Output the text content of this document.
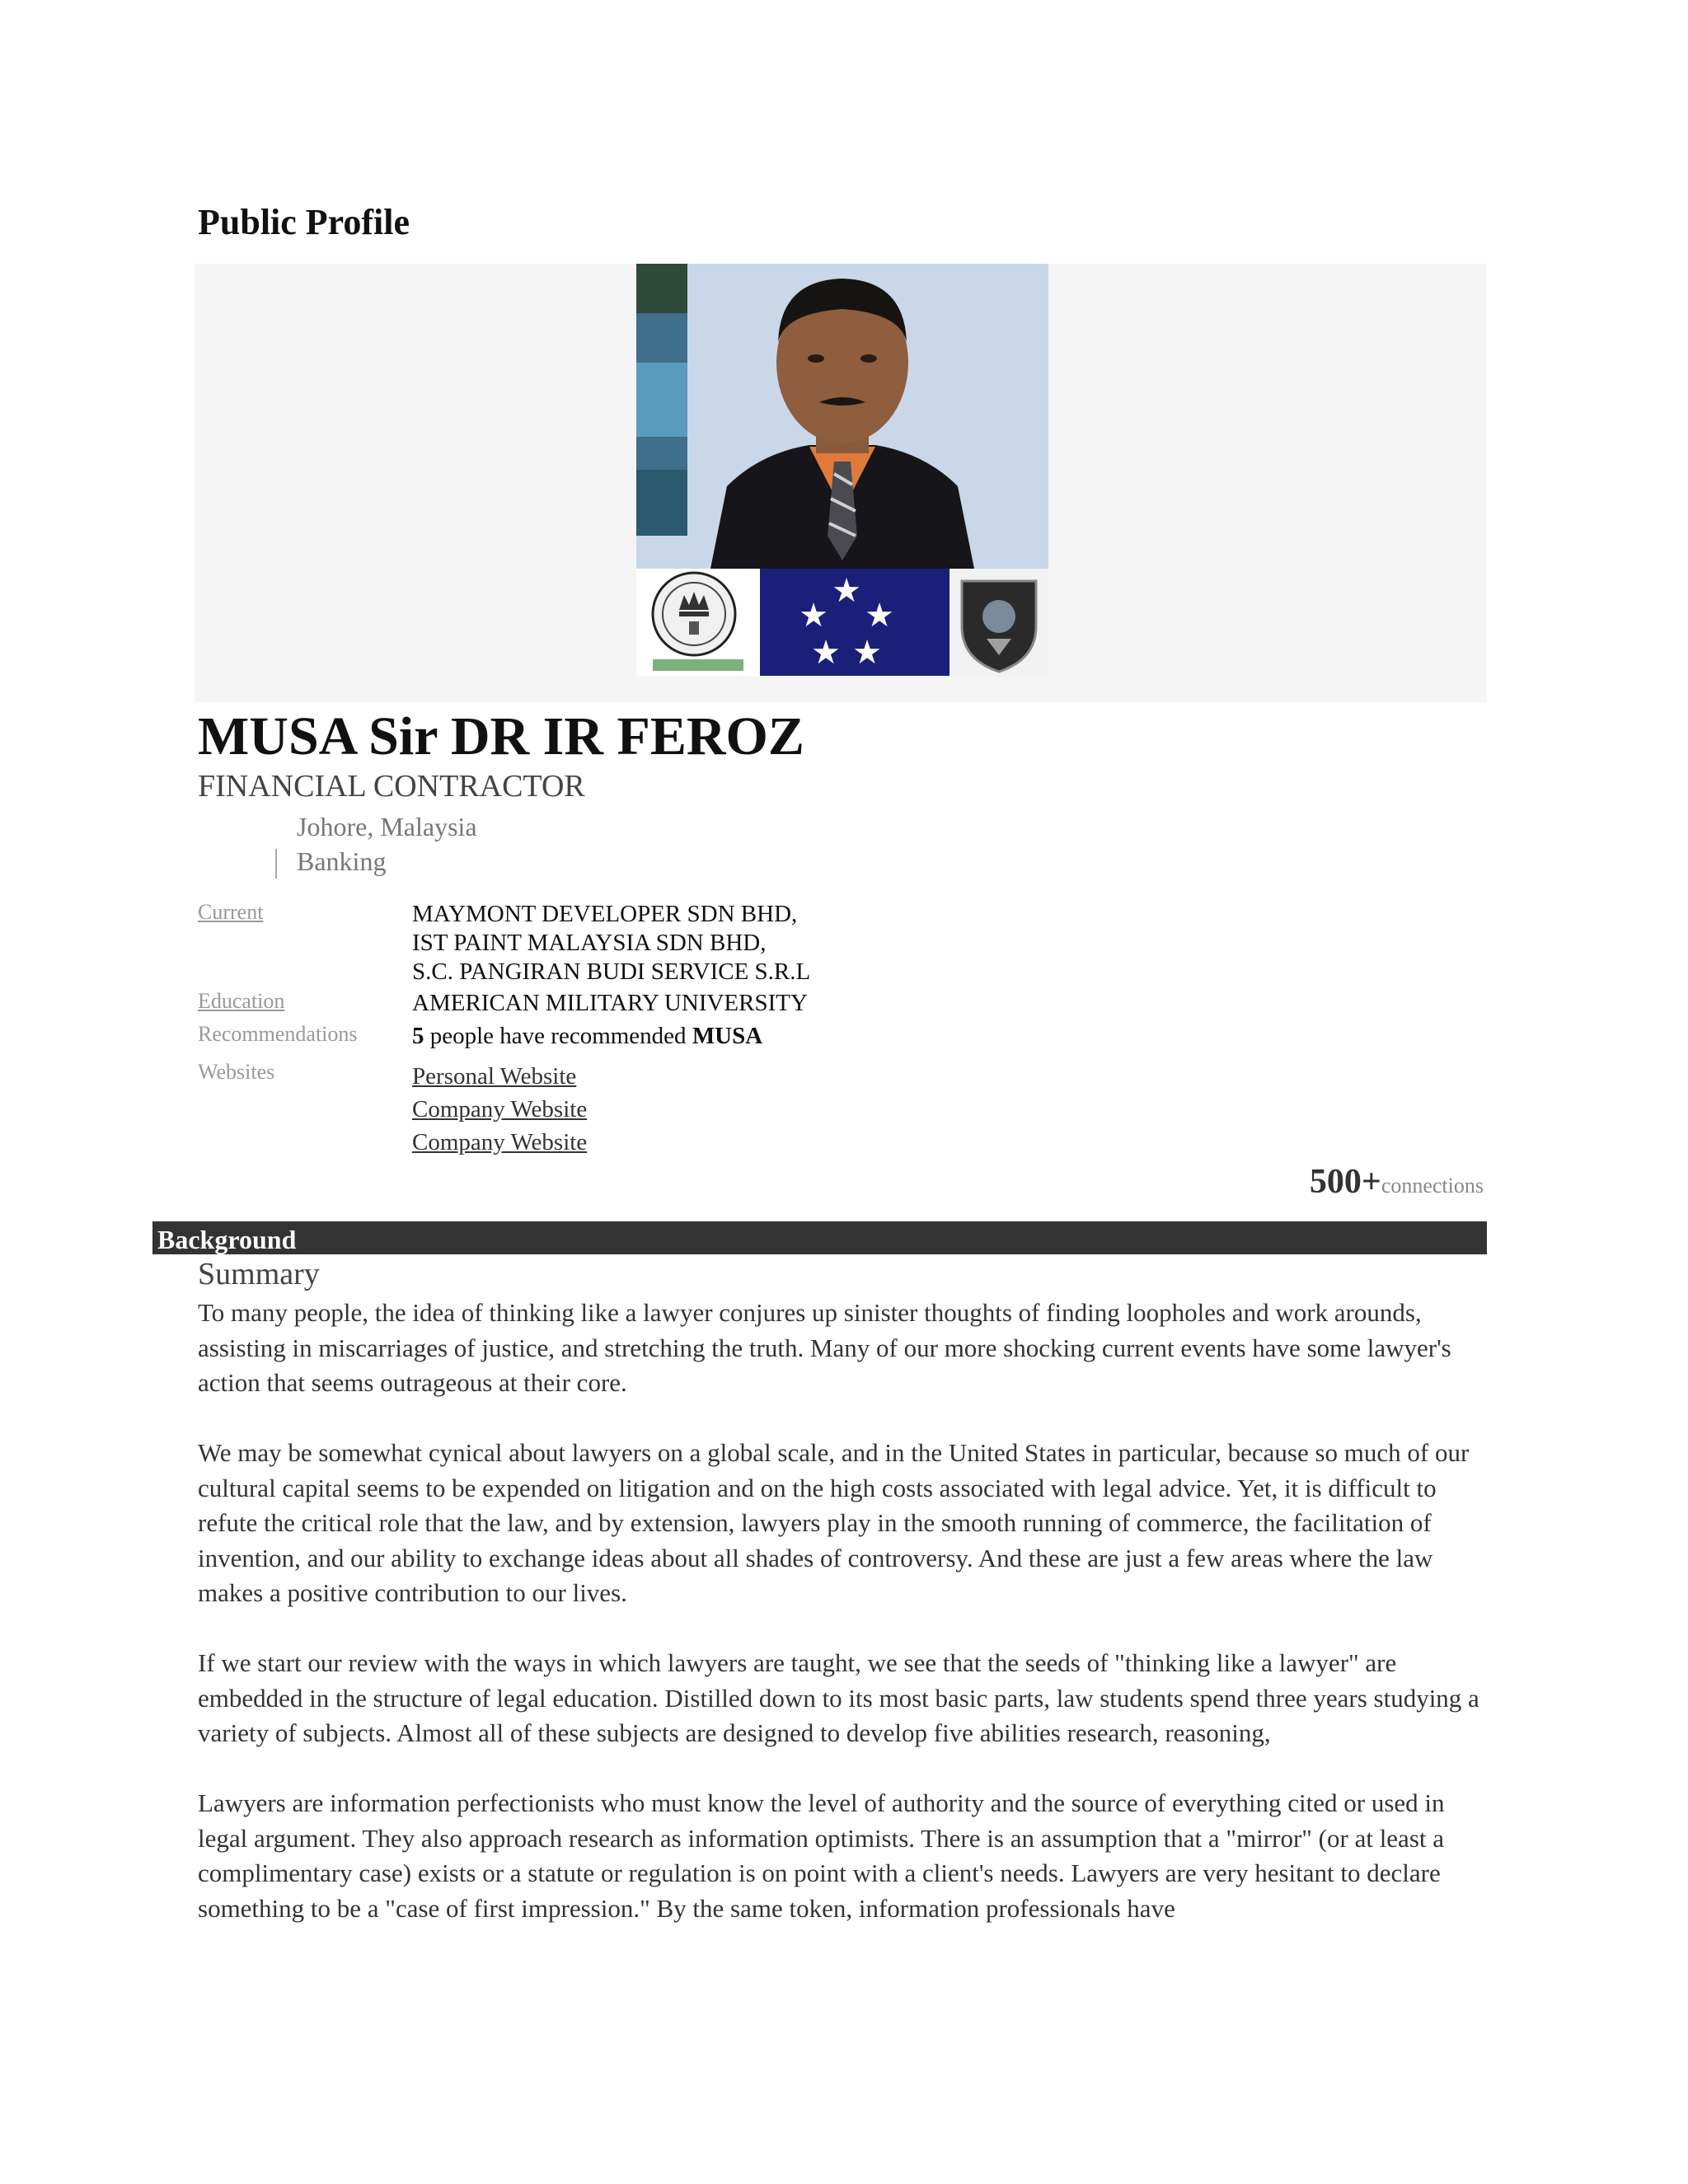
Public Profile
★
★ ★
★ ★
MUSA Sir DR IR FEROZ
FINANCIAL CONTRACTOR
Johore, Malaysia
Banking
Current	MAYMONT DEVELOPER SDN BHD,
IST PAINT MALAYSIA SDN BHD,
S.C. PANGIRAN BUDI SERVICE S.R.L
Education	AMERICAN MILITARY UNIVERSITY
Recommendations 5 people have recommended MUSA
Websites	Personal Website
Company Website
Company Website
500+connections
Background
Summary

To many people, the idea of thinking like a lawyer conjures up sinister thoughts of finding loopholes and work arounds, assisting in miscarriages of justice, and stretching the truth. Many of our more shocking current events have some lawyer's action that seems outrageous at their core.

We may be somewhat cynical about lawyers on a global scale, and in the United States in particular, because so much of our cultural capital seems to be expended on litigation and on the high costs associated with legal advice. Yet, it is difficult to refute the critical role that the law, and by extension, lawyers play in the smooth running of commerce, the facilitation of invention, and our ability to exchange ideas about all shades of controversy. And these are just a few areas where the law makes a positive contribution to our lives.

If we start our review with the ways in which lawyers are taught, we see that the seeds of "thinking like a lawyer" are embedded in the structure of legal education. Distilled down to its most basic parts, law students spend three years studying a variety of subjects. Almost all of these subjects are designed to develop five abilities research, reasoning,

Lawyers are information perfectionists who must know the level of authority and the source of everything cited or used in legal argument. They also approach research as information optimists. There is an assumption that a "mirror" (or at least a complimentary case) exists or a statute or regulation is on point with a client's needs. Lawyers are very hesitant to declare something to be a "case of first impression." By the same token, information professionals have
